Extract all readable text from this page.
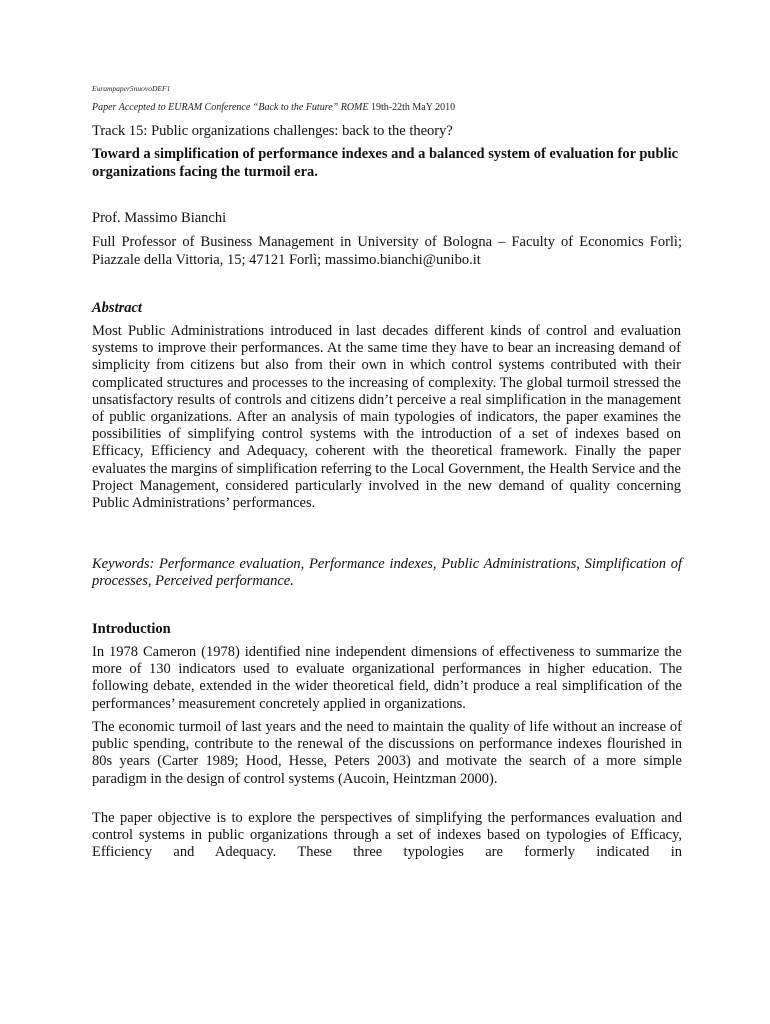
Eurampaper5nuovoDEF1
Paper Accepted to EURAM Conference “Back to the Future” ROME 19th-22th MaY 2010
Track 15: Public organizations challenges: back to the theory?
Toward a simplification of performance indexes and a balanced system of evaluation for public organizations facing the turmoil era.
Prof. Massimo Bianchi
Full Professor of Business Management in University of Bologna – Faculty of Economics Forlì; Piazzale della Vittoria, 15; 47121 Forlì; massimo.bianchi@unibo.it
Abstract

Most Public Administrations introduced in last decades different kinds of control and evaluation systems to improve their performances. At the same time they have to bear an increasing demand of simplicity from citizens but also from their own in which control systems contributed with their complicated structures and processes to the increasing of complexity. The global turmoil stressed the unsatisfactory results of controls and citizens didn’t perceive a real simplification in the management of public organizations. After an analysis of main typologies of indicators, the paper examines the possibilities of simplifying control systems with the introduction of a set of indexes based on Efficacy, Efficiency and Adequacy, coherent with the theoretical framework. Finally the paper evaluates the margins of simplification referring to the Local Government, the Health Service and the Project Management, considered particularly involved in the new demand of quality concerning Public Administrations’ performances.

Keywords: Performance evaluation, Performance indexes, Public Administrations, Simplification of processes, Perceived performance.

Introduction

In 1978 Cameron (1978) identified nine independent dimensions of effectiveness to summarize the more of 130 indicators used to evaluate organizational performances in higher education. The following debate, extended in the wider theoretical field, didn’t produce a real simplification of the performances’ measurement concretely applied in organizations.

The economic turmoil of last years and the need to maintain the quality of life without an increase of public spending, contribute to the renewal of the discussions on performance indexes flourished in 80s years (Carter 1989; Hood, Hesse, Peters 2003) and motivate the search of a more simple paradigm in the design of control systems (Aucoin, Heintzman 2000).

The paper objective is to explore the perspectives of simplifying the performances evaluation and control systems in public organizations through a set of indexes based on typologies of Efficacy, Efficiency and Adequacy. These three typologies are formerly indicated in
